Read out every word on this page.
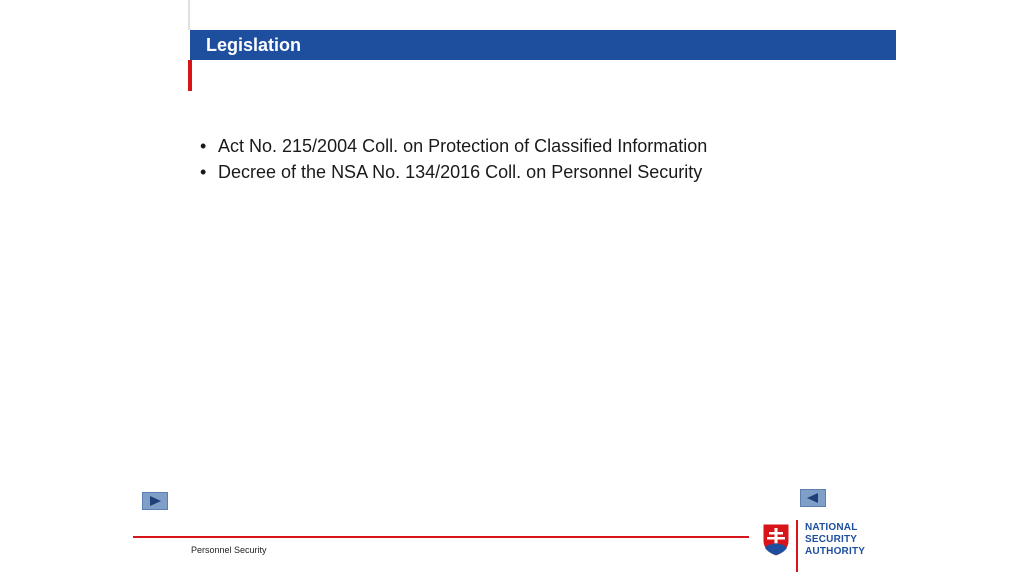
Legislation
• Act No. 215/2004 Coll. on Protection of Classified Information
• Decree of the NSA No. 134/2016 Coll. on Personnel Security
Personnel Security
NATIONAL
SECURITY
AUTHORITY
